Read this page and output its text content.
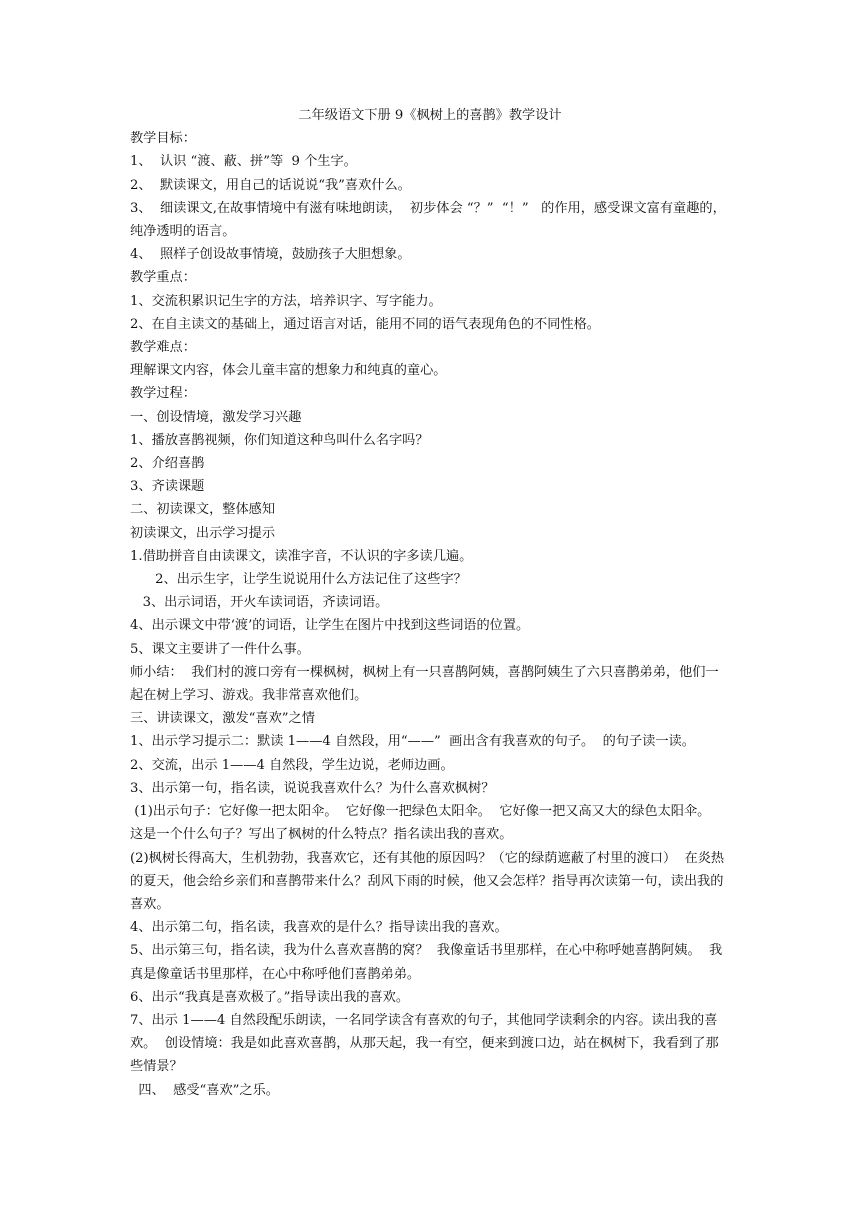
二年级语文下册 9《枫树上的喜鹊》教学设计

教学目标：

1、  认识 “渡、蔽、拼”等  9 个生字。

2、  默读课文，用自己的话说说“我”喜欢什么。

3、  细读课文,在故事情境中有滋有味地朗读，  初步体会 “？”  “！”   的作用，感受课文富有童趣的，纯净透明的语言。

4、  照样子创设故事情境，鼓励孩子大胆想象。

教学重点：

1、交流积累识记生字的方法，培养识字、写字能力。

2、在自主读文的基础上，通过语言对话，能用不同的语气表现角色的不同性格。

教学难点：

理解课文内容，体会儿童丰富的想象力和纯真的童心。

教学过程：

一、创设情境，激发学习兴趣

1、播放喜鹊视频，你们知道这种鸟叫什么名字吗？

2、介绍喜鹊

3、齐读课题

二、初读课文，整体感知

初读课文，出示学习提示

1.借助拼音自由读课文，读准字音，不认识的字多读几遍。

2、出示生字，让学生说说用什么方法记住了这些字？

3、出示词语，开火车读词语，齐读词语。

4、出示课文中带‘渡’的词语，让学生在图片中找到这些词语的位置。

5、课文主要讲了一件什么事。

师小结：  我们村的渡口旁有一棵枫树，枫树上有一只喜鹊阿姨，喜鹊阿姨生了六只喜鹊弟弟，他们一起在树上学习、游戏。我非常喜欢他们。

三、讲读课文，激发“喜欢”之情

1、出示学习提示二：默读 1——4 自然段，用“——”  画出含有我喜欢的句子。  的句子读一读。

2、交流，出示 1——4 自然段，学生边说，老师边画。

3、出示第一句，指名读，说说我喜欢什么？为什么喜欢枫树？

(1)出示句子：它好像一把太阳伞。  它好像一把绿色太阳伞。  它好像一把又高又大的绿色太阳伞。  这是一个什么句子？写出了枫树的什么特点？指名读出我的喜欢。

(2)枫树长得高大，生机勃勃，我喜欢它，还有其他的原因吗？（它的绿荫遮蔽了村里的渡口）  在炎热的夏天，他会给乡亲们和喜鹊带来什么？刮风下雨的时候，他又会怎样？指导再次读第一句，读出我的喜欢。

4、出示第二句，指名读，我喜欢的是什么？指导读出我的喜欢。

5、出示第三句，指名读，我为什么喜欢喜鹊的窝？  我像童话书里那样，在心中称呼她喜鹊阿姨。  我真是像童话书里那样，在心中称呼他们喜鹊弟弟。

6、出示“我真是喜欢极了。”指导读出我的喜欢。

7、出示 1——4 自然段配乐朗读，一名同学读含有喜欢的句子，其他同学读剩余的内容。读出我的喜欢。  创设情境：我是如此喜欢喜鹊，从那天起，我一有空，便来到渡口边，站在枫树下，我看到了那些情景？

四、  感受“喜欢”之乐。
